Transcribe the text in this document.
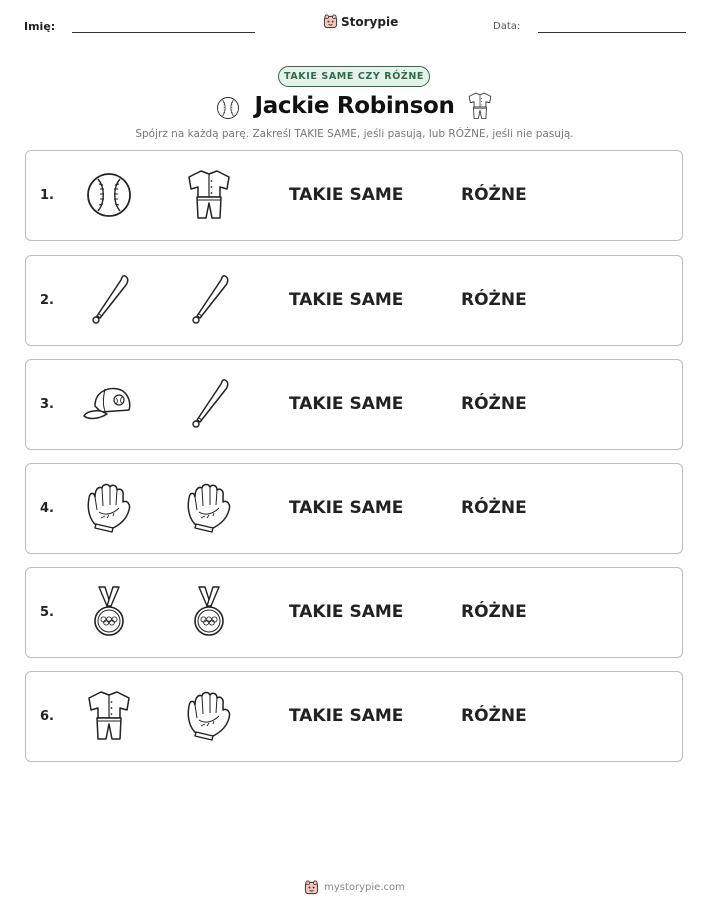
Imię:	Storypie	Data:
TAKIE SAME CZY RÓŻNE
Jackie Robinson
Spójrz na każdą parę. Zakreśl TAKIE SAME, jeśli pasują, lub RÓŻNE, jeśli nie pasują.
1.	TAKIE SAME	RÓŻNE
2.	TAKIE SAME	RÓŻNE
3.	TAKIE SAME	RÓŻNE
4.	TAKIE SAME	RÓŻNE
5.	TAKIE SAME	RÓŻNE
6.	TAKIE SAME	RÓŻNE
mystorypie.com
